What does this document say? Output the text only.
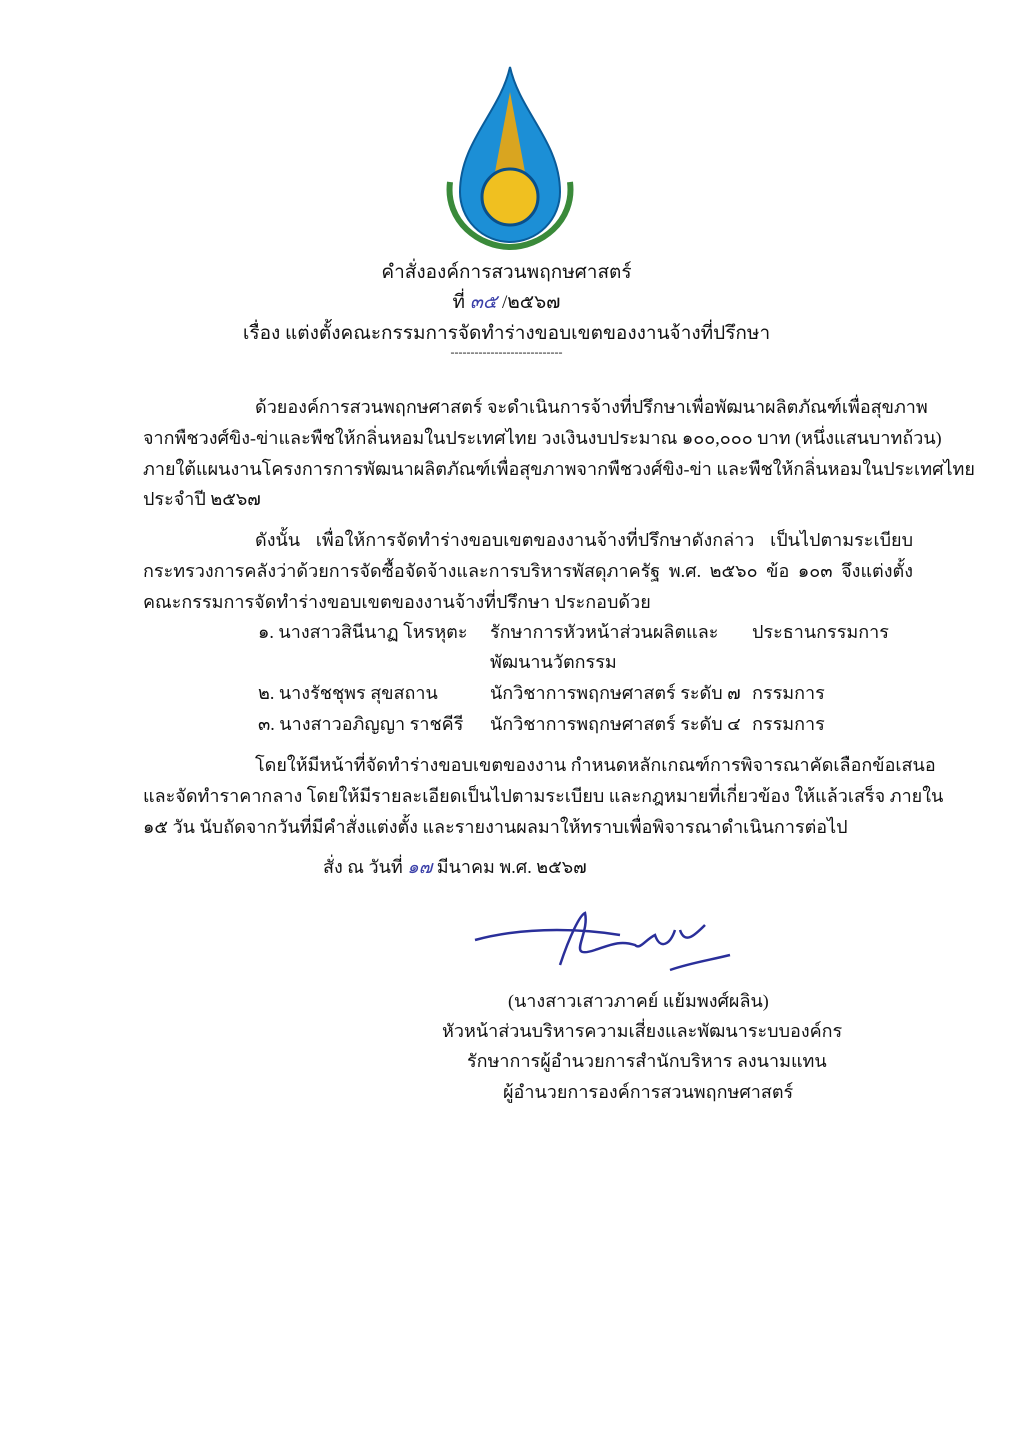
คำสั่งองค์การสวนพฤกษศาสตร์
ที่ ๓๕ /๒๕๖๗
เรื่อง แต่งตั้งคณะกรรมการจัดทำร่างขอบเขตของงานจ้างที่ปรึกษา
----------------------------
ด้วยองค์การสวนพฤกษศาสตร์ จะดำเนินการจ้างที่ปรึกษาเพื่อพัฒนาผลิตภัณฑ์เพื่อสุขภาพ
จากพืชวงศ์ขิง-ข่าและพืชให้กลิ่นหอมในประเทศไทย วงเงินงบประมาณ ๑๐๐,๐๐๐ บาท (หนึ่งแสนบาทถ้วน)
ภายใต้แผนงานโครงการการพัฒนาผลิตภัณฑ์เพื่อสุขภาพจากพืชวงศ์ขิง-ข่า และพืชให้กลิ่นหอมในประเทศไทย
ประจำปี ๒๕๖๗
ดังนั้น เพื่อให้การจัดทำร่างขอบเขตของงานจ้างที่ปรึกษาดังกล่าว เป็นไปตามระเบียบ
กระทรวงการคลังว่าด้วยการจัดซื้อจัดจ้างและการบริหารพัสดุภาครัฐ พ.ศ. ๒๕๖๐ ข้อ ๑๐๓ จึงแต่งตั้ง
คณะกรรมการจัดทำร่างขอบเขตของงานจ้างที่ปรึกษา ประกอบด้วย
๑. นางสาวสินีนาฏ โหรหุตะ รักษาการหัวหน้าส่วนผลิตและ
พัฒนานวัตกรรม
ประธานกรรมการ
๒. นางรัชชุพร สุขสถาน	นักวิชาการพฤกษศาสตร์ ระดับ ๗ กรรมการ
๓. นางสาวอภิญญา ราชคีรี นักวิชาการพฤกษศาสตร์ ระดับ ๔ กรรมการ
โดยให้มีหน้าที่จัดทำร่างขอบเขตของงาน กำหนดหลักเกณฑ์การพิจารณาคัดเลือกข้อเสนอ
และจัดทำราคากลาง โดยให้มีรายละเอียดเป็นไปตามระเบียบ และกฎหมายที่เกี่ยวข้อง ให้แล้วเสร็จ ภายใน
๑๕ วัน นับถัดจากวันที่มีคำสั่งแต่งตั้ง และรายงานผลมาให้ทราบเพื่อพิจารณาดำเนินการต่อไป
สั่ง ณ วันที่ ๑๗ มีนาคม พ.ศ. ๒๕๖๗
(นางสาวเสาวภาคย์ แย้มพงศ์ผลิน)
หัวหน้าส่วนบริหารความเสี่ยงและพัฒนาระบบองค์กร
รักษาการผู้อำนวยการสำนักบริหาร ลงนามแทน
ผู้อำนวยการองค์การสวนพฤกษศาสตร์
